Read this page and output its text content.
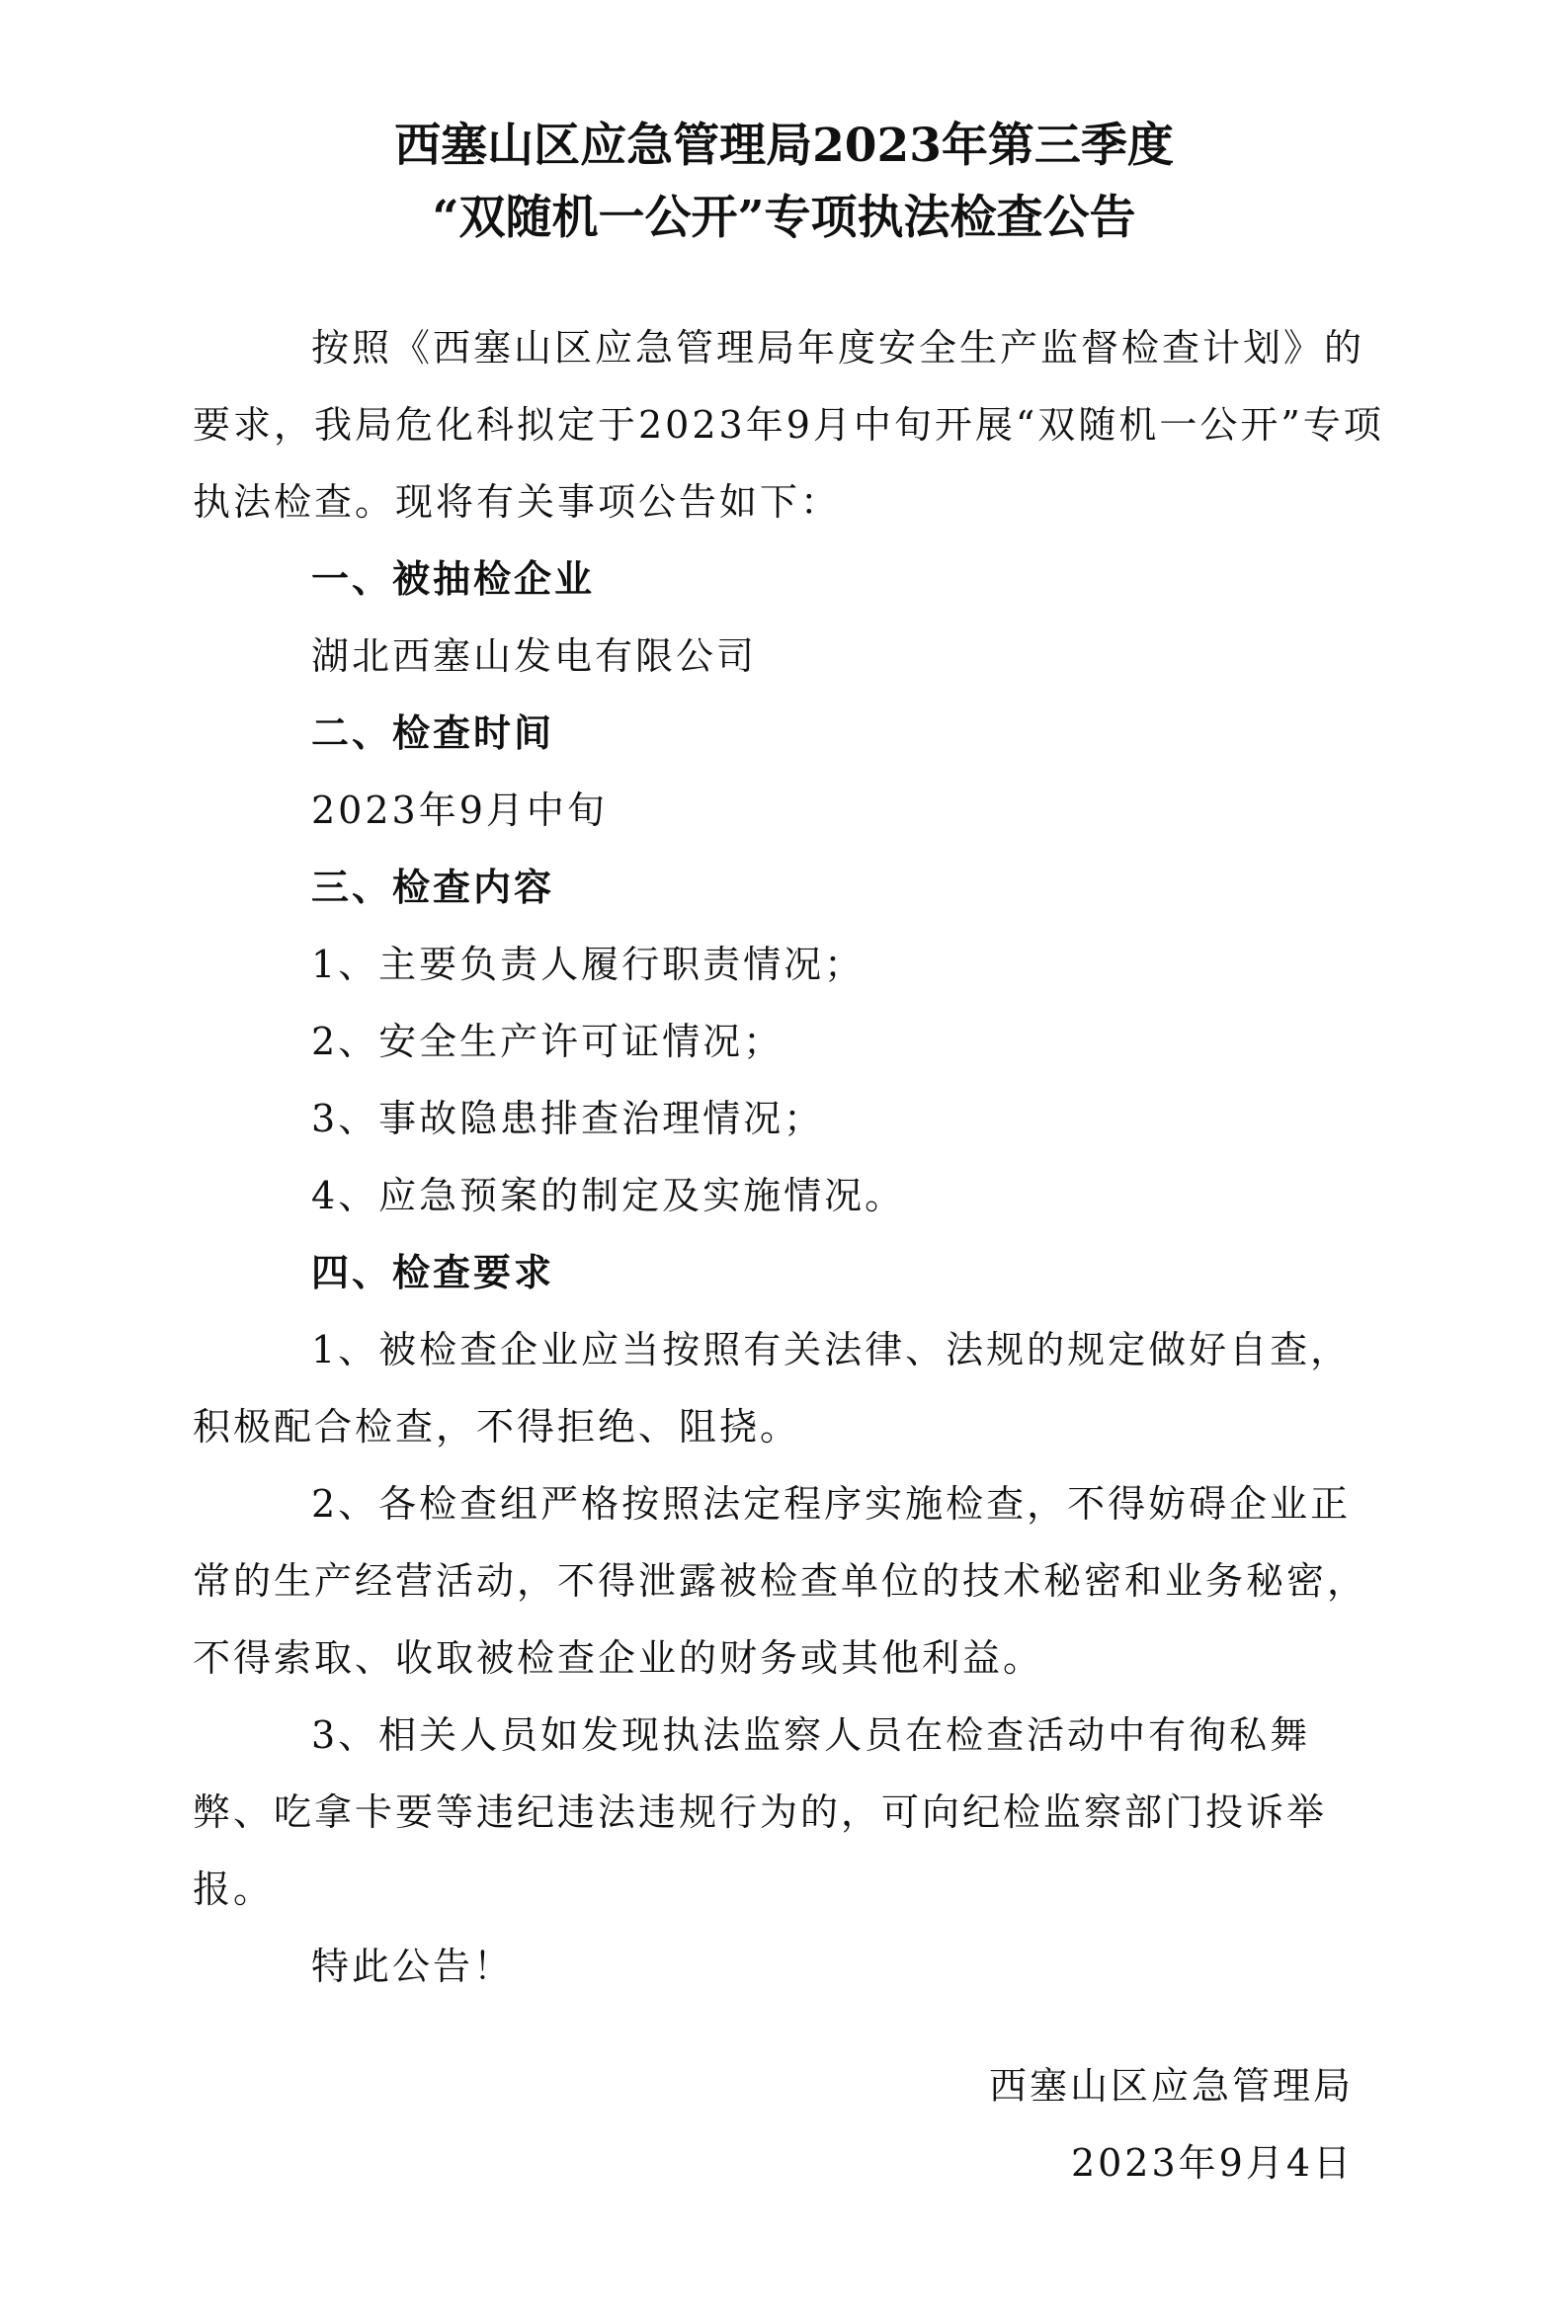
西塞山区应急管理局2023年第三季度
“双随机一公开”专项执法检查公告

按照《西塞山区应急管理局年度安全生产监督检查计划》的要求，我局危化科拟定于2023年9月中旬开展“双随机一公开”专项执法检查。现将有关事项公告如下：

一、被抽检企业

湖北西塞山发电有限公司

二、检查时间

2023年9月中旬

三、检查内容

1、主要负责人履行职责情况；

2、安全生产许可证情况；

3、事故隐患排查治理情况；

4、应急预案的制定及实施情况。

四、检查要求

1、被检查企业应当按照有关法律、法规的规定做好自查，积极配合检查，不得拒绝、阻挠。

2、各检查组严格按照法定程序实施检查，不得妨碍企业正常的生产经营活动，不得泄露被检查单位的技术秘密和业务秘密，不得索取、收取被检查企业的财务或其他利益。

3、相关人员如发现执法监察人员在检查活动中有徇私舞弊、吃拿卡要等违纪违法违规行为的，可向纪检监察部门投诉举报。

特此公告！

西塞山区应急管理局
2023年9月4日
